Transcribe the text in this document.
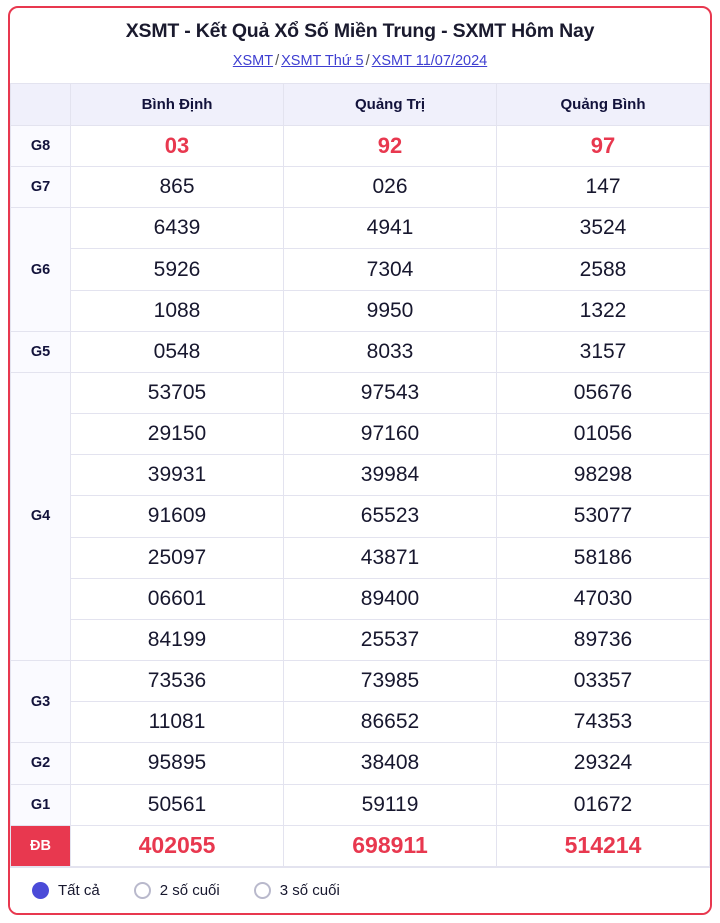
XSMT - Kết Quả Xổ Số Miền Trung - SXMT Hôm Nay
XSMT / XSMT Thứ 5 / XSMT 11/07/2024
	Bình Định	Quảng Trị	Quảng Bình
G8	03	92	97
G7	865	026	147
G6	6439	4941	3524
	5926	7304	2588
	1088	9950	1322
G5	0548	8033	3157
G4	53705	97543	05676
	29150	97160	01056
	39931	39984	98298
	91609	65523	53077
	25097	43871	58186
	06601	89400	47030
	84199	25537	89736
G3	73536	73985	03357
	11081	86652	74353
G2	95895	38408	29324
G1	50561	59119	01672
ĐB	402055	698911	514214
Tất cả	2 số cuối	3 số cuối
